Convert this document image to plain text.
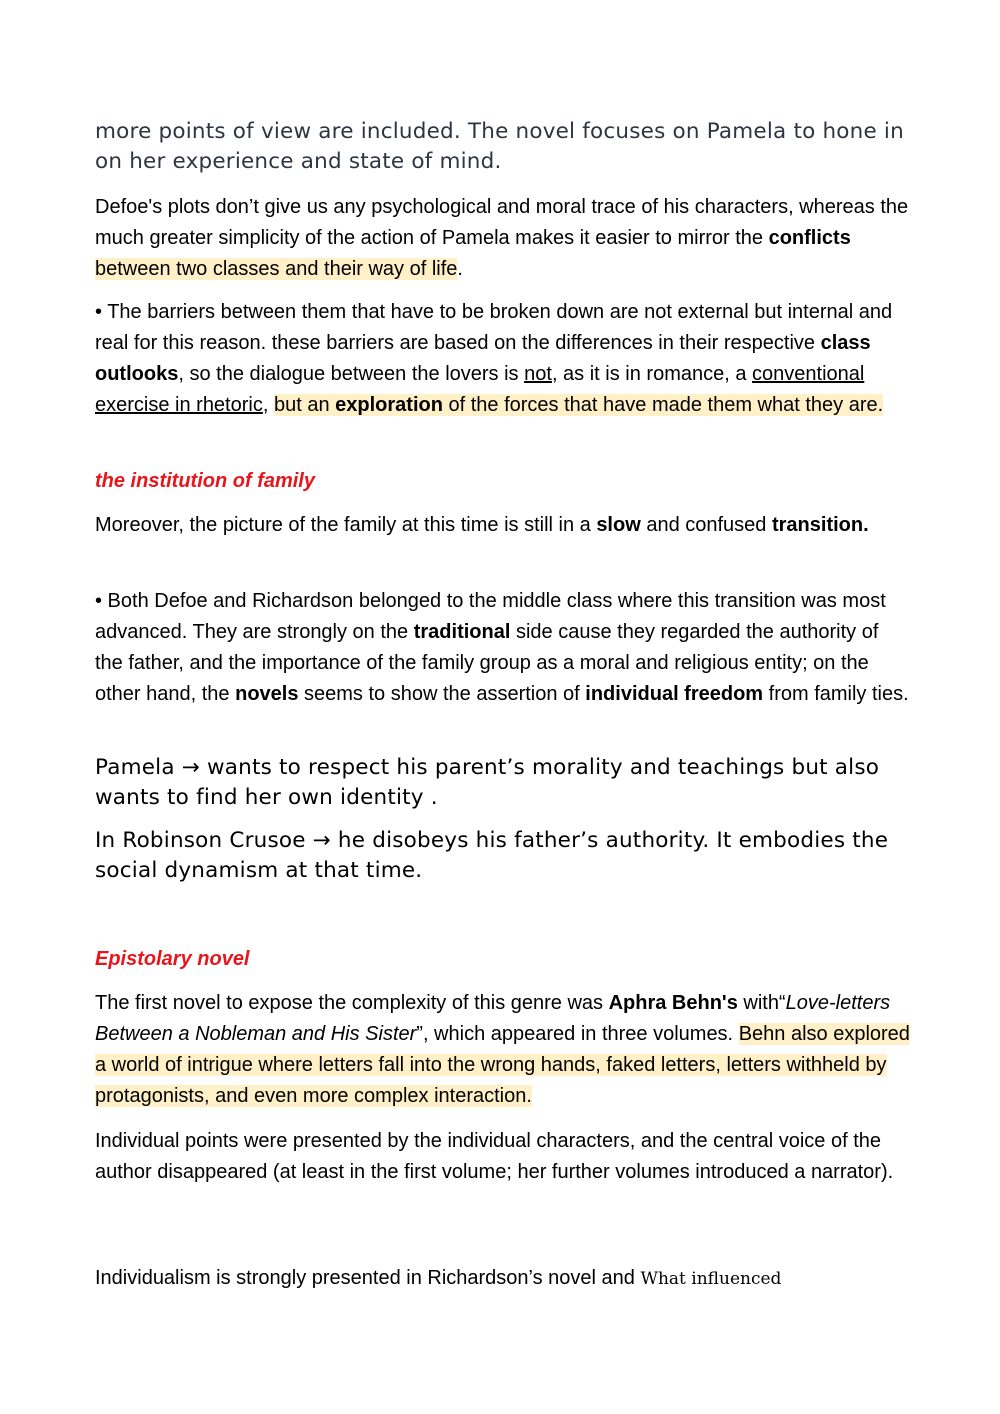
more points of view are included. The novel focuses on Pamela to hone in on her experience and state of mind.

Defoe's plots don’t give us any psychological and moral trace of his characters, whereas the much greater simplicity of the action of Pamela makes it easier to mirror the conflicts between two classes and their way of life.

• The barriers between them that have to be broken down are not external but internal and real for this reason. these barriers are based on the differences in their respective class outlooks, so the dialogue between the lovers is not, as it is in romance, a conventional exercise in rhetoric, but an exploration of the forces that have made them what they are.

the institution of family

Moreover, the picture of the family at this time is still in a slow and confused transition.

• Both Defoe and Richardson belonged to the middle class where this transition was most advanced. They are strongly on the traditional side cause they regarded the authority of the father, and the importance of the family group as a moral and religious entity; on the other hand, the novels seems to show the assertion of individual freedom from family ties.

Pamela → wants to respect his parent’s morality and teachings but also wants to find her own identity .

In Robinson Crusoe → he disobeys his father’s authority. It embodies the social dynamism at that time.

Epistolary novel

The first novel to expose the complexity of this genre was Aphra Behn's with“Love-letters Between a Nobleman and His Sister”, which appeared in three volumes. Behn also explored a world of intrigue where letters fall into the wrong hands, faked letters, letters withheld by protagonists, and even more complex interaction.

Individual points were presented by the individual characters, and the central voice of the author disappeared (at least in the first volume; her further volumes introduced a narrator).

Individualism is strongly presented in Richardson’s novel and What influenced
